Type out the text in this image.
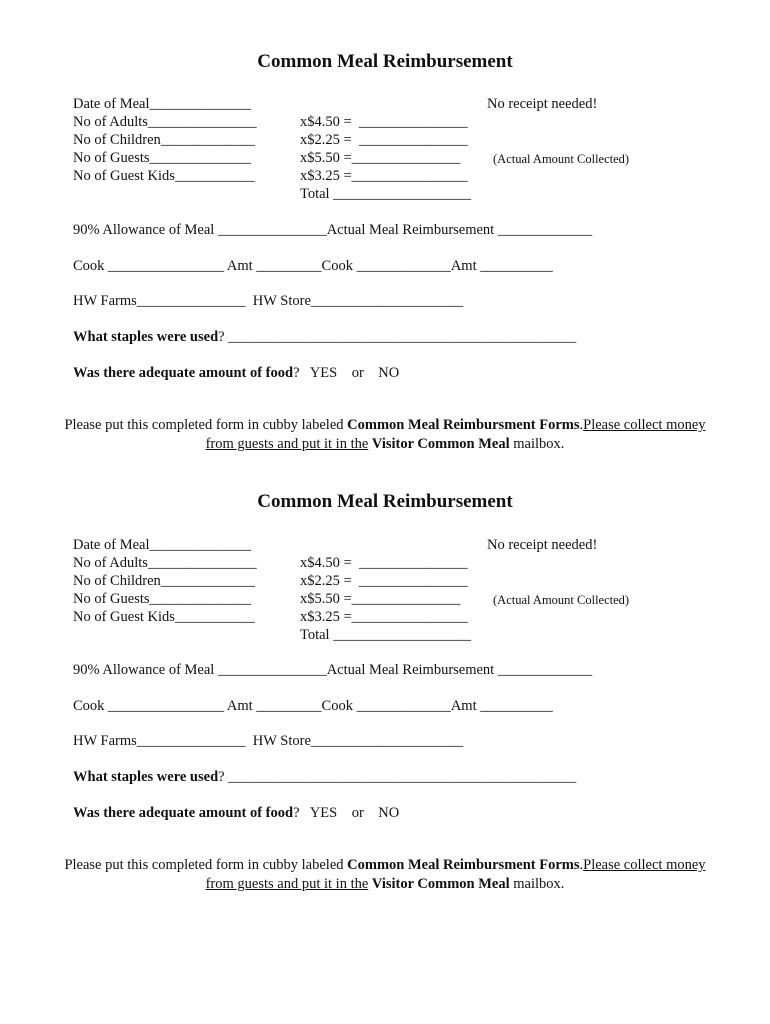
Common Meal Reimbursement
Date of Meal______________
No of Adults_______________
No of Children_____________
No of Guests______________
No of Guest Kids___________
x$4.50 =  _______________
x$2.25 =  _______________
x$5.50 =_______________
x$3.25 =________________
Total ___________________
No receipt needed!
(Actual Amount Collected)
90% Allowance of Meal _______________Actual Meal Reimbursement _____________
Cook ________________ Amt _________Cook _____________Amt __________
HW Farms_______________  HW Store_____________________
What staples were used? ________________________________________________
Was there adequate amount of food?   YES    or    NO
Please put this completed form in cubby labeled Common Meal Reimbursment Forms.Please collect money from guests and put it in the Visitor Common Meal mailbox.
Common Meal Reimbursement
Date of Meal______________
No of Adults_______________
No of Children_____________
No of Guests______________
No of Guest Kids___________
x$4.50 =  _______________
x$2.25 =  _______________
x$5.50 =_______________
x$3.25 =________________
Total ___________________
No receipt needed!
(Actual Amount Collected)
90% Allowance of Meal _______________Actual Meal Reimbursement _____________
Cook ________________ Amt _________Cook _____________Amt __________
HW Farms_______________  HW Store_____________________
What staples were used? ________________________________________________
Was there adequate amount of food?   YES    or    NO
Please put this completed form in cubby labeled Common Meal Reimbursment Forms.Please collect money from guests and put it in the Visitor Common Meal mailbox.
